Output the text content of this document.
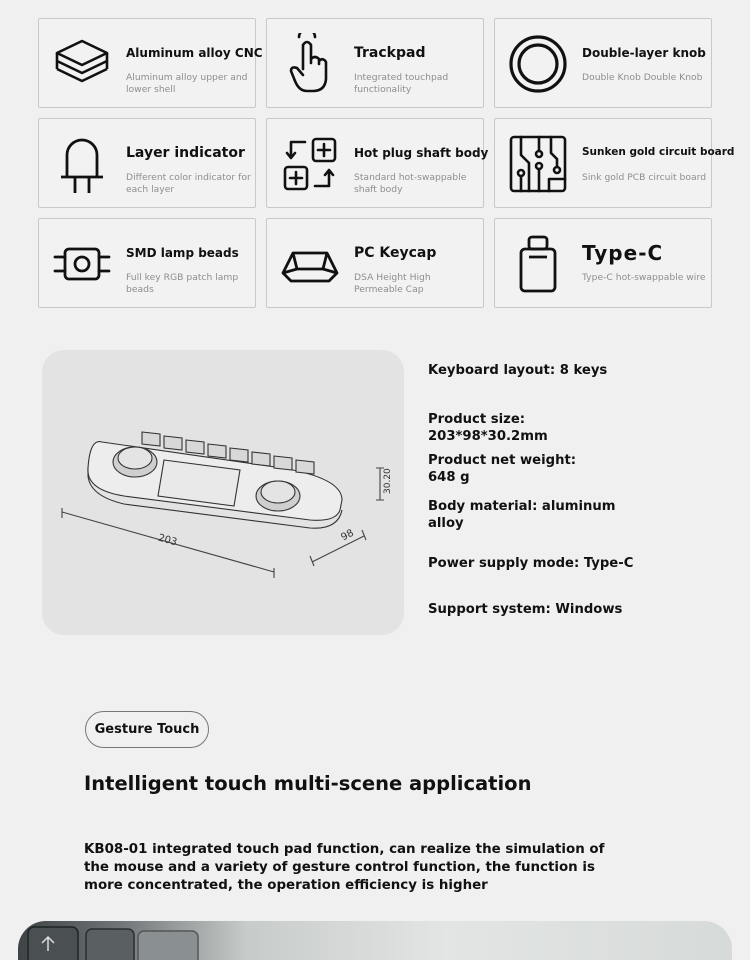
Aluminum alloy CNC
Aluminum alloy upper and lower shell
Trackpad
Integrated touchpad functionality
Double-layer knob
Double Knob Double Knob
Layer indicator
Different color indicator for each layer
Hot plug shaft body
Standard hot-swappable shaft body
Sunken gold circuit board
Sink gold PCB circuit board
SMD lamp beads
Full key RGB patch lamp beads
PC Keycap
DSA Height High Permeable Cap
Type-C
Type-C hot-swappable wire
203	98
30.20
Keyboard layout: 8 keys
Product size: 203*98*30.2mm
Product net weight: 648 g
Body material: aluminum alloy
Power supply mode: Type-C
Support system: Windows
Gesture Touch
Intelligent touch multi-scene application
KB08-01 integrated touch pad function, can realize the simulation of the mouse and a variety of gesture control function, the function is more concentrated, the operation efficiency is higher
